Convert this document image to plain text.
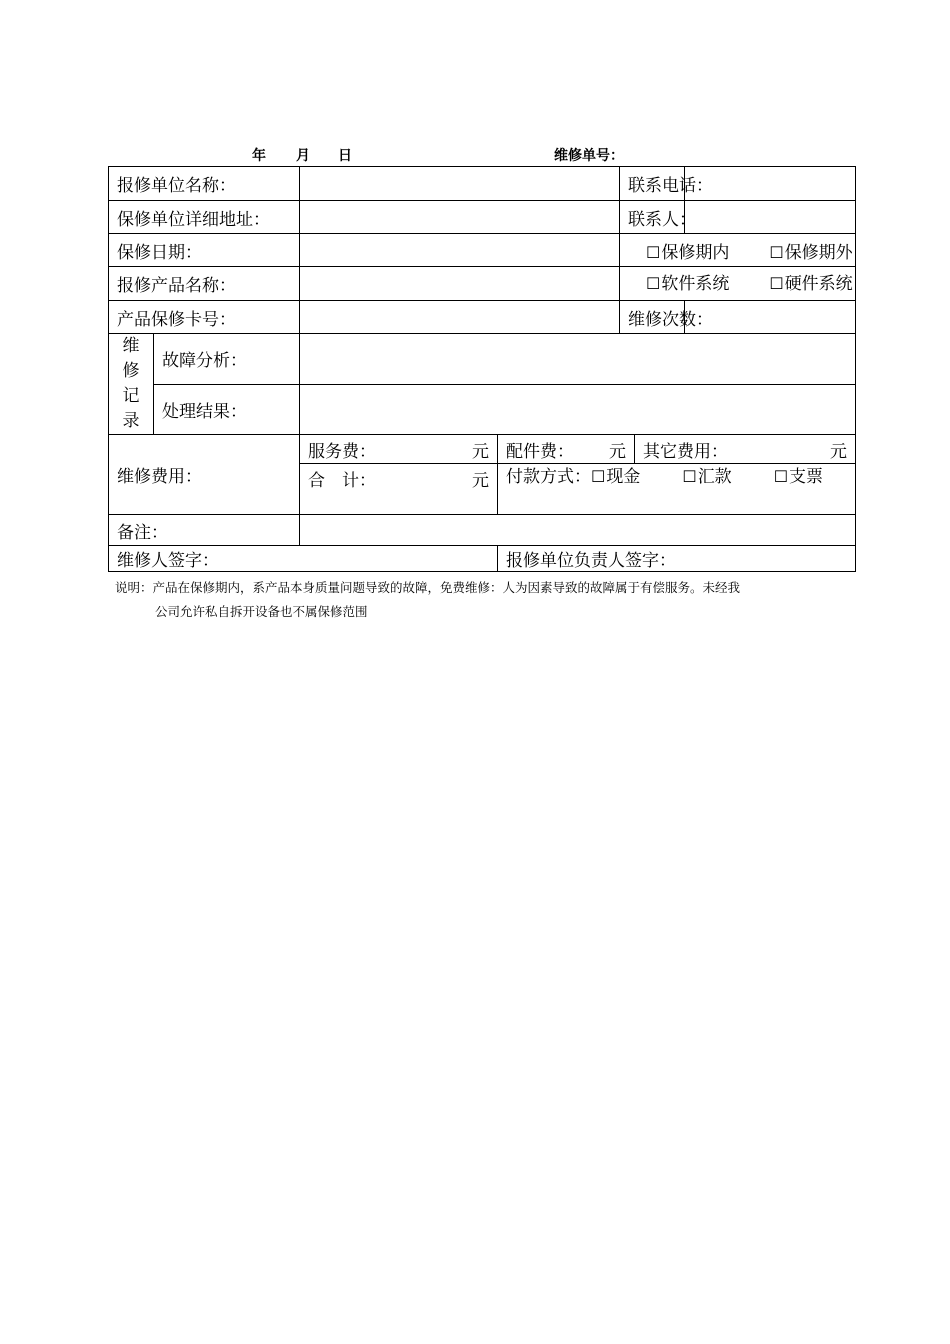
年 月 日	维修单号：
报修单位名称：				联系电话：		
保修单位详细地址：				联系人：		
保修日期：				☐保修期内 ☐保修期外		
报修产品名称：				☐软件系统 ☐硬件系统		
产品保修卡号：				维修次数：		

维
修
记
录	故障分析：					
	处理结果：					
维修费用：		服务费： 元	配件费： 元		其它费用： 元	

		合　计： 元	付款方式：☐现金 ☐汇款 ☐支票			
备注：						
维修人签字：			报修单位负责人签字：			
说明：产品在保修期内，系产品本身质量问题导致的故障，免费维修：人为因素导致的故障属于有偿服务。未经我
公司允许私自拆开设备也不属保修范围
